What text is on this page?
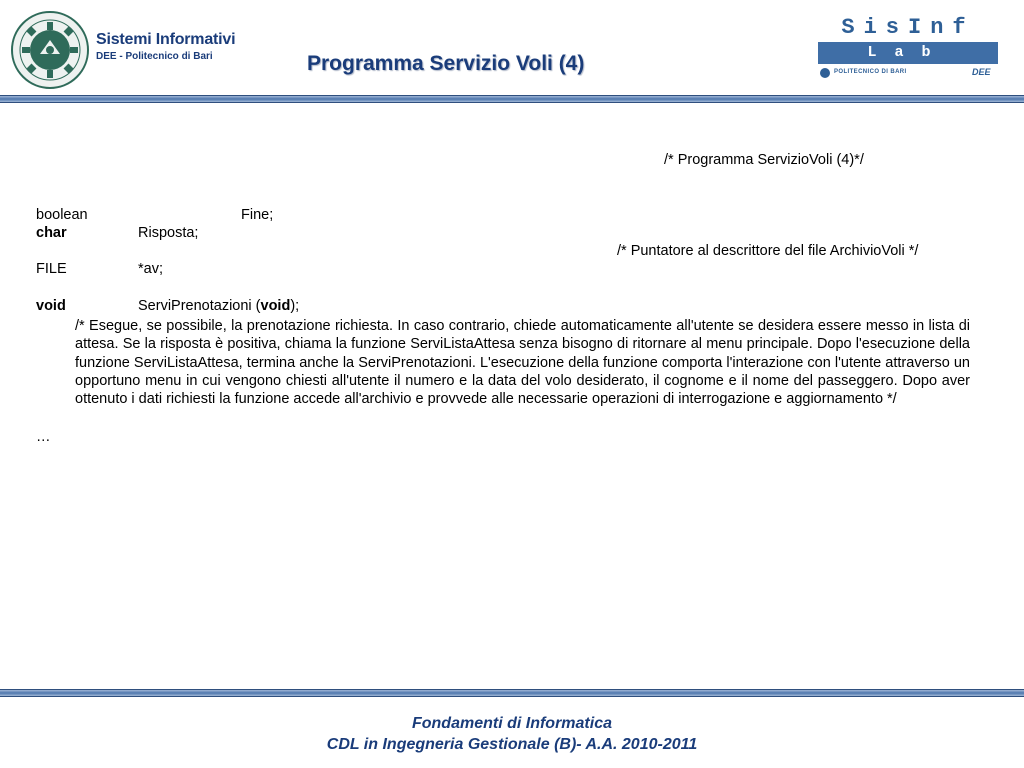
Sistemi Informativi
DEE - Politecnico di Bari	Programma Servizio Voli (4)
SisInf
Lab
POLITECNICO DI BARI	DEE
/* Programma ServizioVoli (4)*/
boolean	Fine;
char	Risposta;
/* Puntatore al descrittore del file ArchivioVoli */
FILE	*av;
void	ServiPrenotazioni (void);
/* Esegue, se possibile, la prenotazione richiesta. In caso contrario, chiede automaticamente all'utente se desidera essere messo in lista di attesa. Se la risposta è positiva, chiama la funzione ServiListaAttesa senza bisogno di ritornare al menu principale. Dopo l'esecuzione della funzione ServiListaAttesa, termina anche la ServiPrenotazioni. L'esecuzione della funzione comporta l'interazione con l'utente attraverso un opportuno menu in cui vengono chiesti all'utente il numero e la data del volo desiderato, il cognome e il nome del passeggero. Dopo aver ottenuto i dati richiesti la funzione accede all'archivio e provvede alle necessarie operazioni di interrogazione e aggiornamento */
…
Fondamenti di Informatica
CDL in Ingegneria Gestionale (B)- A.A. 2010-2011
